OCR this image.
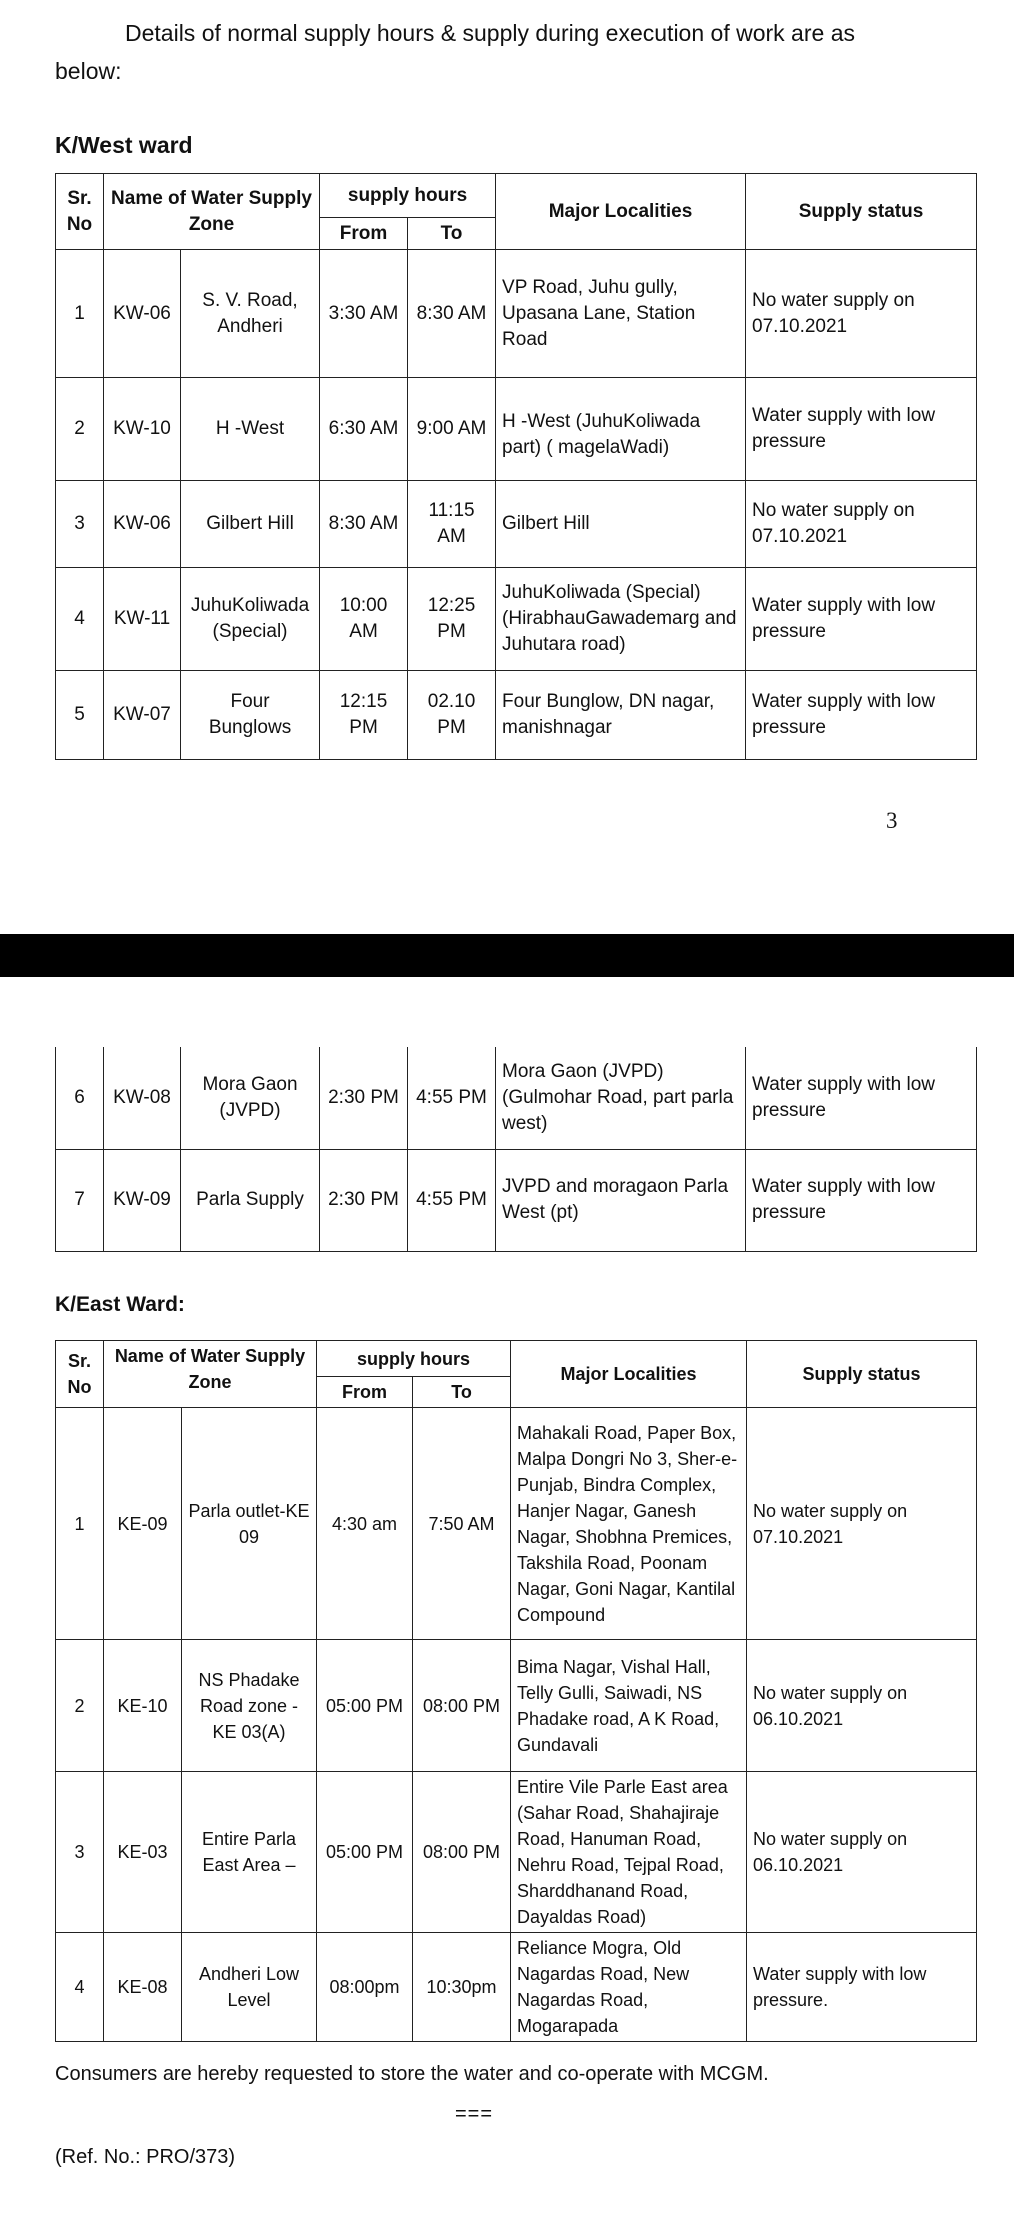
Details of normal supply hours & supply during execution of work are as
below:
K/West ward
Sr. No	Name of Water Supply Zone		supply hours		Major Localities	Supply status
			From	To		
1	KW-06	S. V. Road, Andheri	3:30 AM	8:30 AM	VP Road, Juhu gully, Upasana Lane, Station Road	No water supply on 07.10.2021
2	KW-10	H -West	6:30 AM	9:00 AM	H -West (JuhuKoliwada part) ( magelaWadi)	Water supply with low pressure
3	KW-06	Gilbert Hill	8:30 AM	11:15 AM	Gilbert Hill	No water supply on 07.10.2021
4	KW-11	JuhuKoliwada (Special)	10:00 AM	12:25 PM	JuhuKoliwada (Special) (HirabhauGawademarg and Juhutara road)	Water supply with low pressure
5	KW-07	Four Bunglows	12:15 PM	02.10 PM	Four Bunglow, DN nagar, manishnagar	Water supply with low pressure
3
6	KW-08	Mora Gaon (JVPD)	2:30 PM	4:55 PM	Mora Gaon (JVPD) (Gulmohar Road, part parla west)	Water supply with low pressure
7	KW-09	Parla Supply	2:30 PM	4:55 PM	JVPD and moragaon Parla West (pt)	Water supply with low pressure
K/East Ward:
Sr. No	Name of Water Supply Zone		supply hours		Major Localities	Supply status
			From	To		
1	KE-09	Parla outlet-KE 09	4:30 am	7:50 AM	Mahakali Road, Paper Box, Malpa Dongri No 3, Sher-e-Punjab, Bindra Complex, Hanjer Nagar, Ganesh Nagar, Shobhna Premices, Takshila Road, Poonam Nagar, Goni Nagar, Kantilal Compound	No water supply on 07.10.2021
2	KE-10	NS Phadake Road zone - KE 03(A)	05:00 PM	08:00 PM	Bima Nagar, Vishal Hall, Telly Gulli, Saiwadi, NS Phadake road, A K Road, Gundavali	No water supply on 06.10.2021
3	KE-03	Entire Parla East Area –	05:00 PM	08:00 PM	Entire Vile Parle East area (Sahar Road, Shahajiraje Road, Hanuman Road, Nehru Road, Tejpal Road, Sharddhanand Road, Dayaldas Road)	No water supply on 06.10.2021
4	KE-08	Andheri Low Level	08:00pm	10:30pm	Reliance Mogra, Old Nagardas Road, New Nagardas Road, Mogarapada	Water supply with low pressure.
Consumers are hereby requested to store the water and co-operate with MCGM.
===
(Ref. No.: PRO/373)
